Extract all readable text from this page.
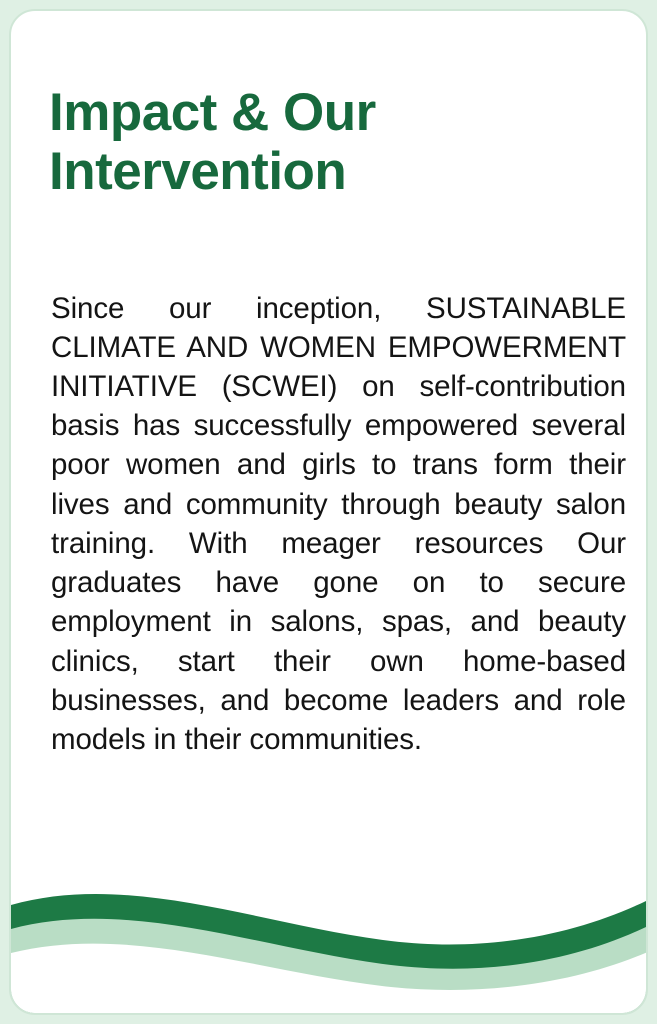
Impact & Our Intervention

Since our inception, SUSTAINABLE CLIMATE AND WOMEN EMPOWERMENT INITIATIVE (SCWEI) on self-contribution basis has successfully empowered several poor women and girls to trans form their lives and community through beauty salon training. With meager resources Our graduates have gone on to secure employment in salons, spas, and beauty clinics, start their own home-based businesses, and become leaders and role models in their communities.
